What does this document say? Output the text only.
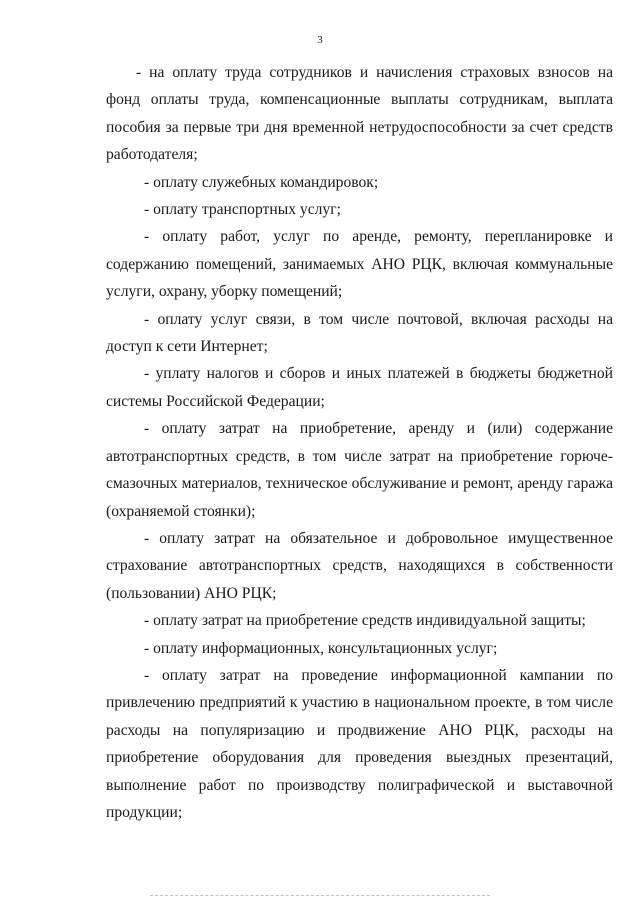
3

- на оплату труда сотрудников и начисления страховых взносов на фонд оплаты труда, компенсационные выплаты сотрудникам, выплата пособия за первые три дня временной нетрудоспособности за счет средств работодателя;

- оплату служебных командировок;

- оплату транспортных услуг;

- оплату работ, услуг по аренде, ремонту, перепланировке и содержанию помещений, занимаемых АНО РЦК, включая коммунальные услуги, охрану, уборку помещений;

- оплату услуг связи, в том числе почтовой, включая расходы на доступ к сети Интернет;

- уплату налогов и сборов и иных платежей в бюджеты бюджетной системы Российской Федерации;

- оплату затрат на приобретение, аренду и (или) содержание автотранспортных средств, в том числе затрат на приобретение горюче-смазочных материалов, техническое обслуживание и ремонт, аренду гаража (охраняемой стоянки);

- оплату затрат на обязательное и добровольное имущественное страхование автотранспортных средств, находящихся в собственности (пользовании) АНО РЦК;

- оплату затрат на приобретение средств индивидуальной защиты;

- оплату информационных, консультационных услуг;

- оплату затрат на проведение информационной кампании по привлечению предприятий к участию в национальном проекте, в том числе расходы на популяризацию и продвижение АНО РЦК, расходы на приобретение оборудования для проведения выездных презентаций, выполнение работ по производству полиграфической и выставочной продукции;
